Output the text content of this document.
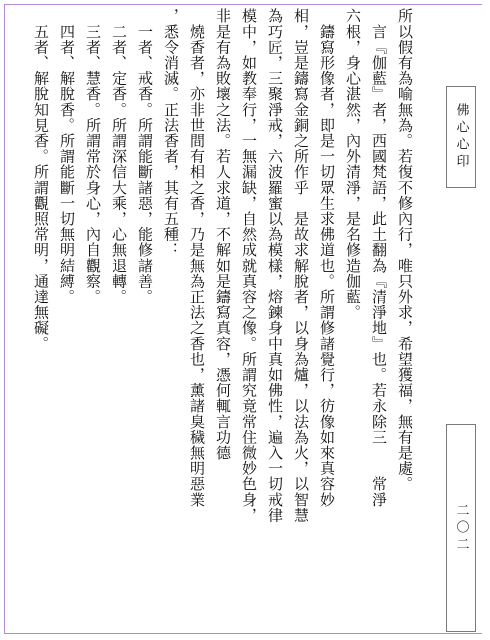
所以假有為喻無為。若復不修內行，唯只外求，希望獲福，無有是處。
　言『伽藍』者，西國梵語，此土翻為『清淨地』也。若永除三　　常淨
六根，身心湛然，內外清淨，是名修造伽藍。
　鑄寫形像者，即是一切眾生求佛道也。所謂修諸覺行，彷像如來真容妙
相，豈是鑄寫金銅之所作乎　是故求解脫者，以身為爐，以法為火，以智慧
為巧匠，三聚淨戒，六波羅蜜以為模樣，熔鍊身中真如佛性，遍入一切戒律
模中，如教奉行，一無漏缺，自然成就真容之像。所謂究竟常住微妙色身，
非是有為敗壞之法。若人求道，不解如是鑄寫真容，憑何輒言功德
　燒香者，亦非世間有相之香，乃是無為正法之香也，薰諸臭穢無明惡業
，悉令消滅。正法香者，其有五種：
　一者、戒香。所謂能斷諸惡，能修諸善。
　二者、定香。所謂深信大乘，心無退轉。
　三者、慧香。所謂常於身心，內自觀察。
　四者、解脫香。所謂能斷一切無明結縛。
　五者、解脫知見香。所謂觀照常明，通達無礙。	佛心心印
二〇二
